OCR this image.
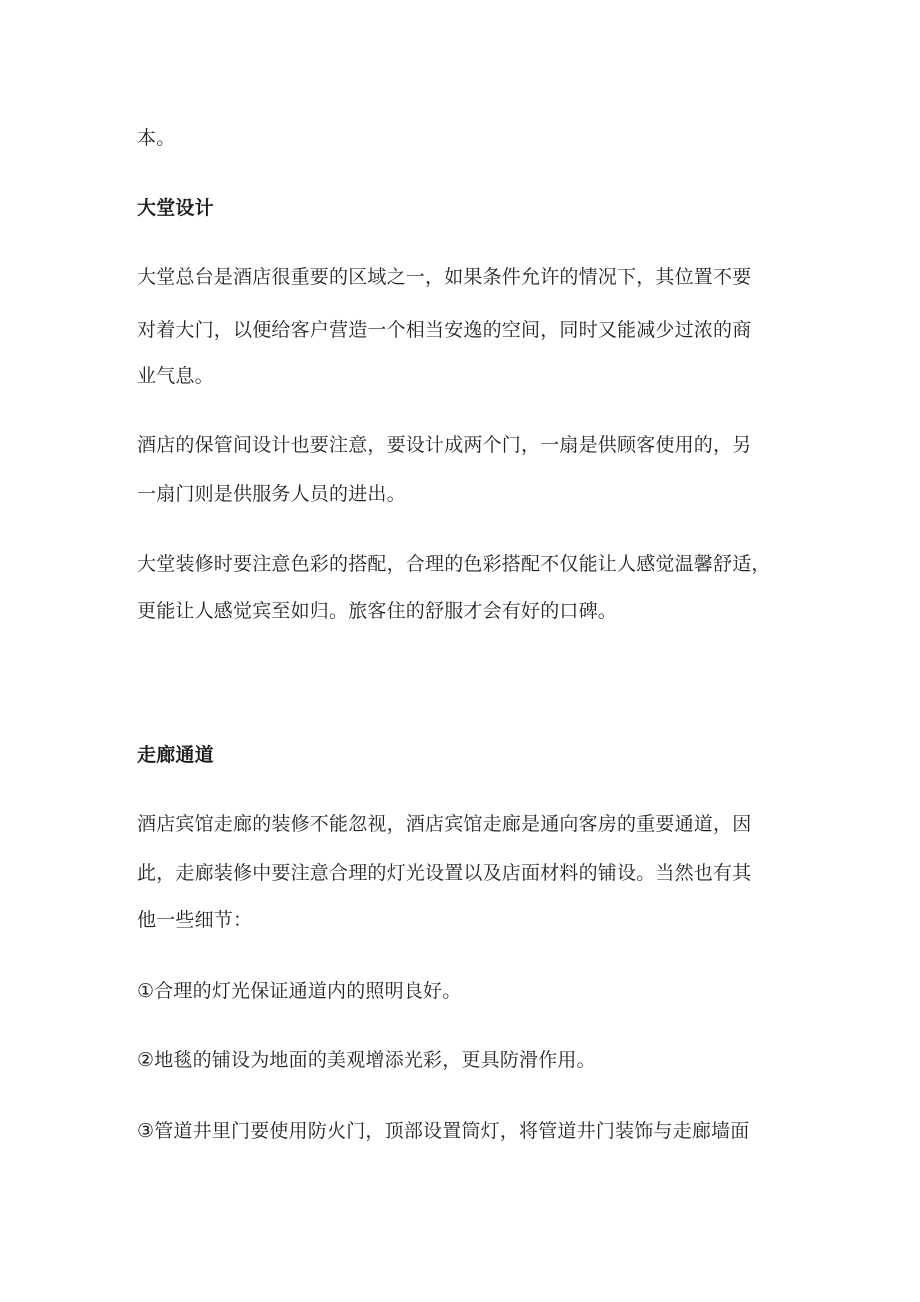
本。
大堂设计
大堂总台是酒店很重要的区域之一，如果条件允许的情况下，其位置不要
对着大门，以便给客户营造一个相当安逸的空间，同时又能减少过浓的商
业气息。
酒店的保管间设计也要注意，要设计成两个门，一扇是供顾客使用的，另
一扇门则是供服务人员的进出。
大堂装修时要注意色彩的搭配，合理的色彩搭配不仅能让人感觉温馨舒适，
更能让人感觉宾至如归。旅客住的舒服才会有好的口碑。
走廊通道
酒店宾馆走廊的装修不能忽视，酒店宾馆走廊是通向客房的重要通道，因
此，走廊装修中要注意合理的灯光设置以及店面材料的铺设。当然也有其
他一些细节：
①合理的灯光保证通道内的照明良好。
②地毯的铺设为地面的美观增添光彩，更具防滑作用。
③管道井里门要使用防火门，顶部设置筒灯，将管道井门装饰与走廊墙面
